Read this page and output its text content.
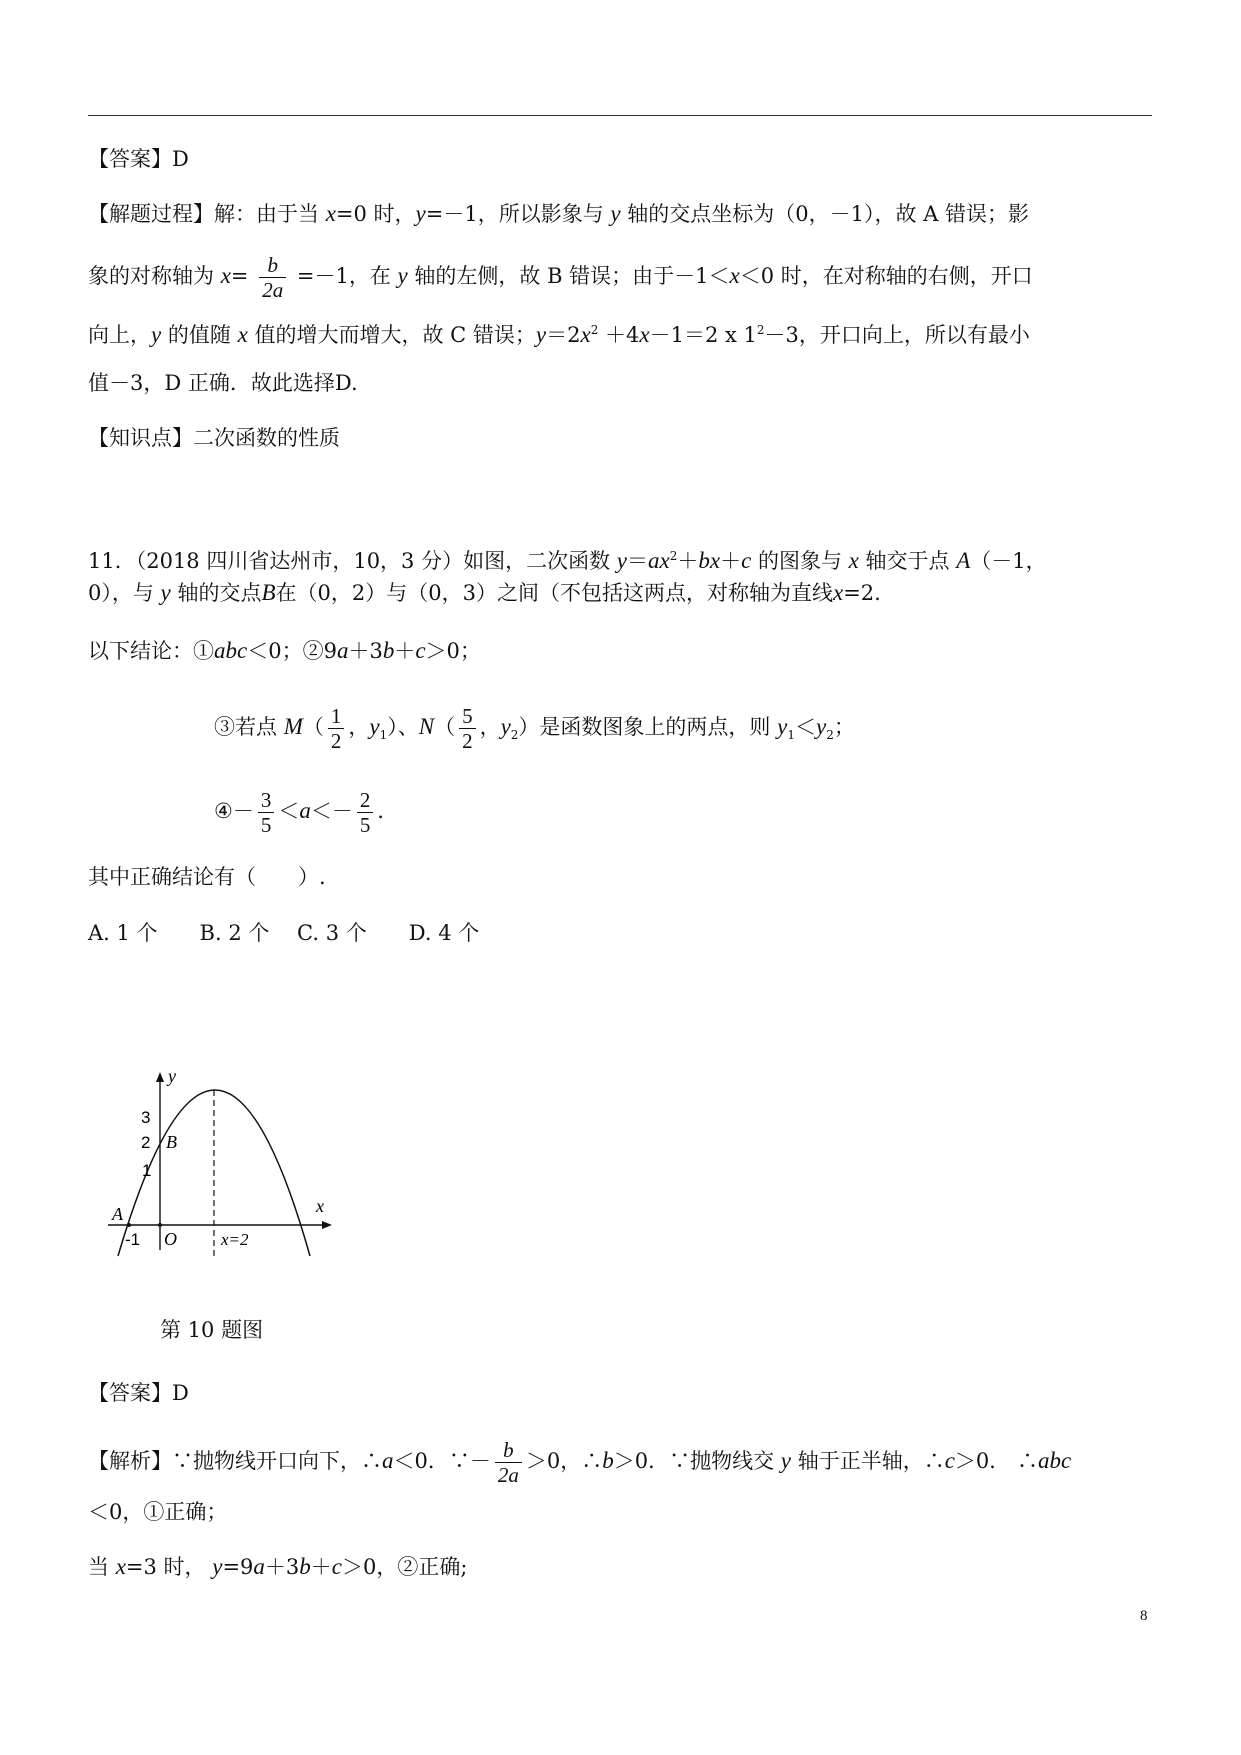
【答案】D
【解题过程】解：由于当 x=0 时，y=－1，所以影象与 y 轴的交点坐标为（0，－1），故 A 错误；影
象的对称轴为 $x= \frac{b}{2a} =-1$，在 y 轴的左侧，故 B 错误；由于－1＜x＜0 时，在对称轴的右侧，开口
向上，y 的值随 x 值的增大而增大，故 C 错误；$y=2x^2 +4x-1=2$ x $1^2-3$，开口向上，所以有最小
值－3，D 正确．故此选择D.
【知识点】二次函数的性质
11．（2018 四川省达州市，10，3 分）如图，二次函数 $y=ax^2+bx+c$ 的图象与 x 轴交于点 A（－1，
0），与 y 轴的交点B在（0，2）与（0，3）之间（不包括这两点，对称轴为直线x=2.
以下结论：①abc＜0；②9a＋3b＋c＞0；
③若点 $M( \frac{1}{2}$ ，$y_1$）、$N( \frac{5}{2}$ ，$y_2$）是函数图象上的两点，则 $y_1<y_2$；
④－ $\frac{3}{5} <a<- \frac{2}{5}$ ．
其中正确结论有（　　）.
A. 1 个　　B. 2 个　 C. 3 个　　D. 4 个
y
x
3
2
1
-1
B
A
O	x=2
第 10 题图
【答案】D
【解析】∵抛物线开口向下，∴a＜0．∵－ $\frac{b}{2a} >0$，∴b＞0．∵抛物线交 y 轴于正半轴，∴c＞0． ∴abc
＜0，①正确；
当 x=3 时， y=9a＋3b＋c＞0，②正确;
8
